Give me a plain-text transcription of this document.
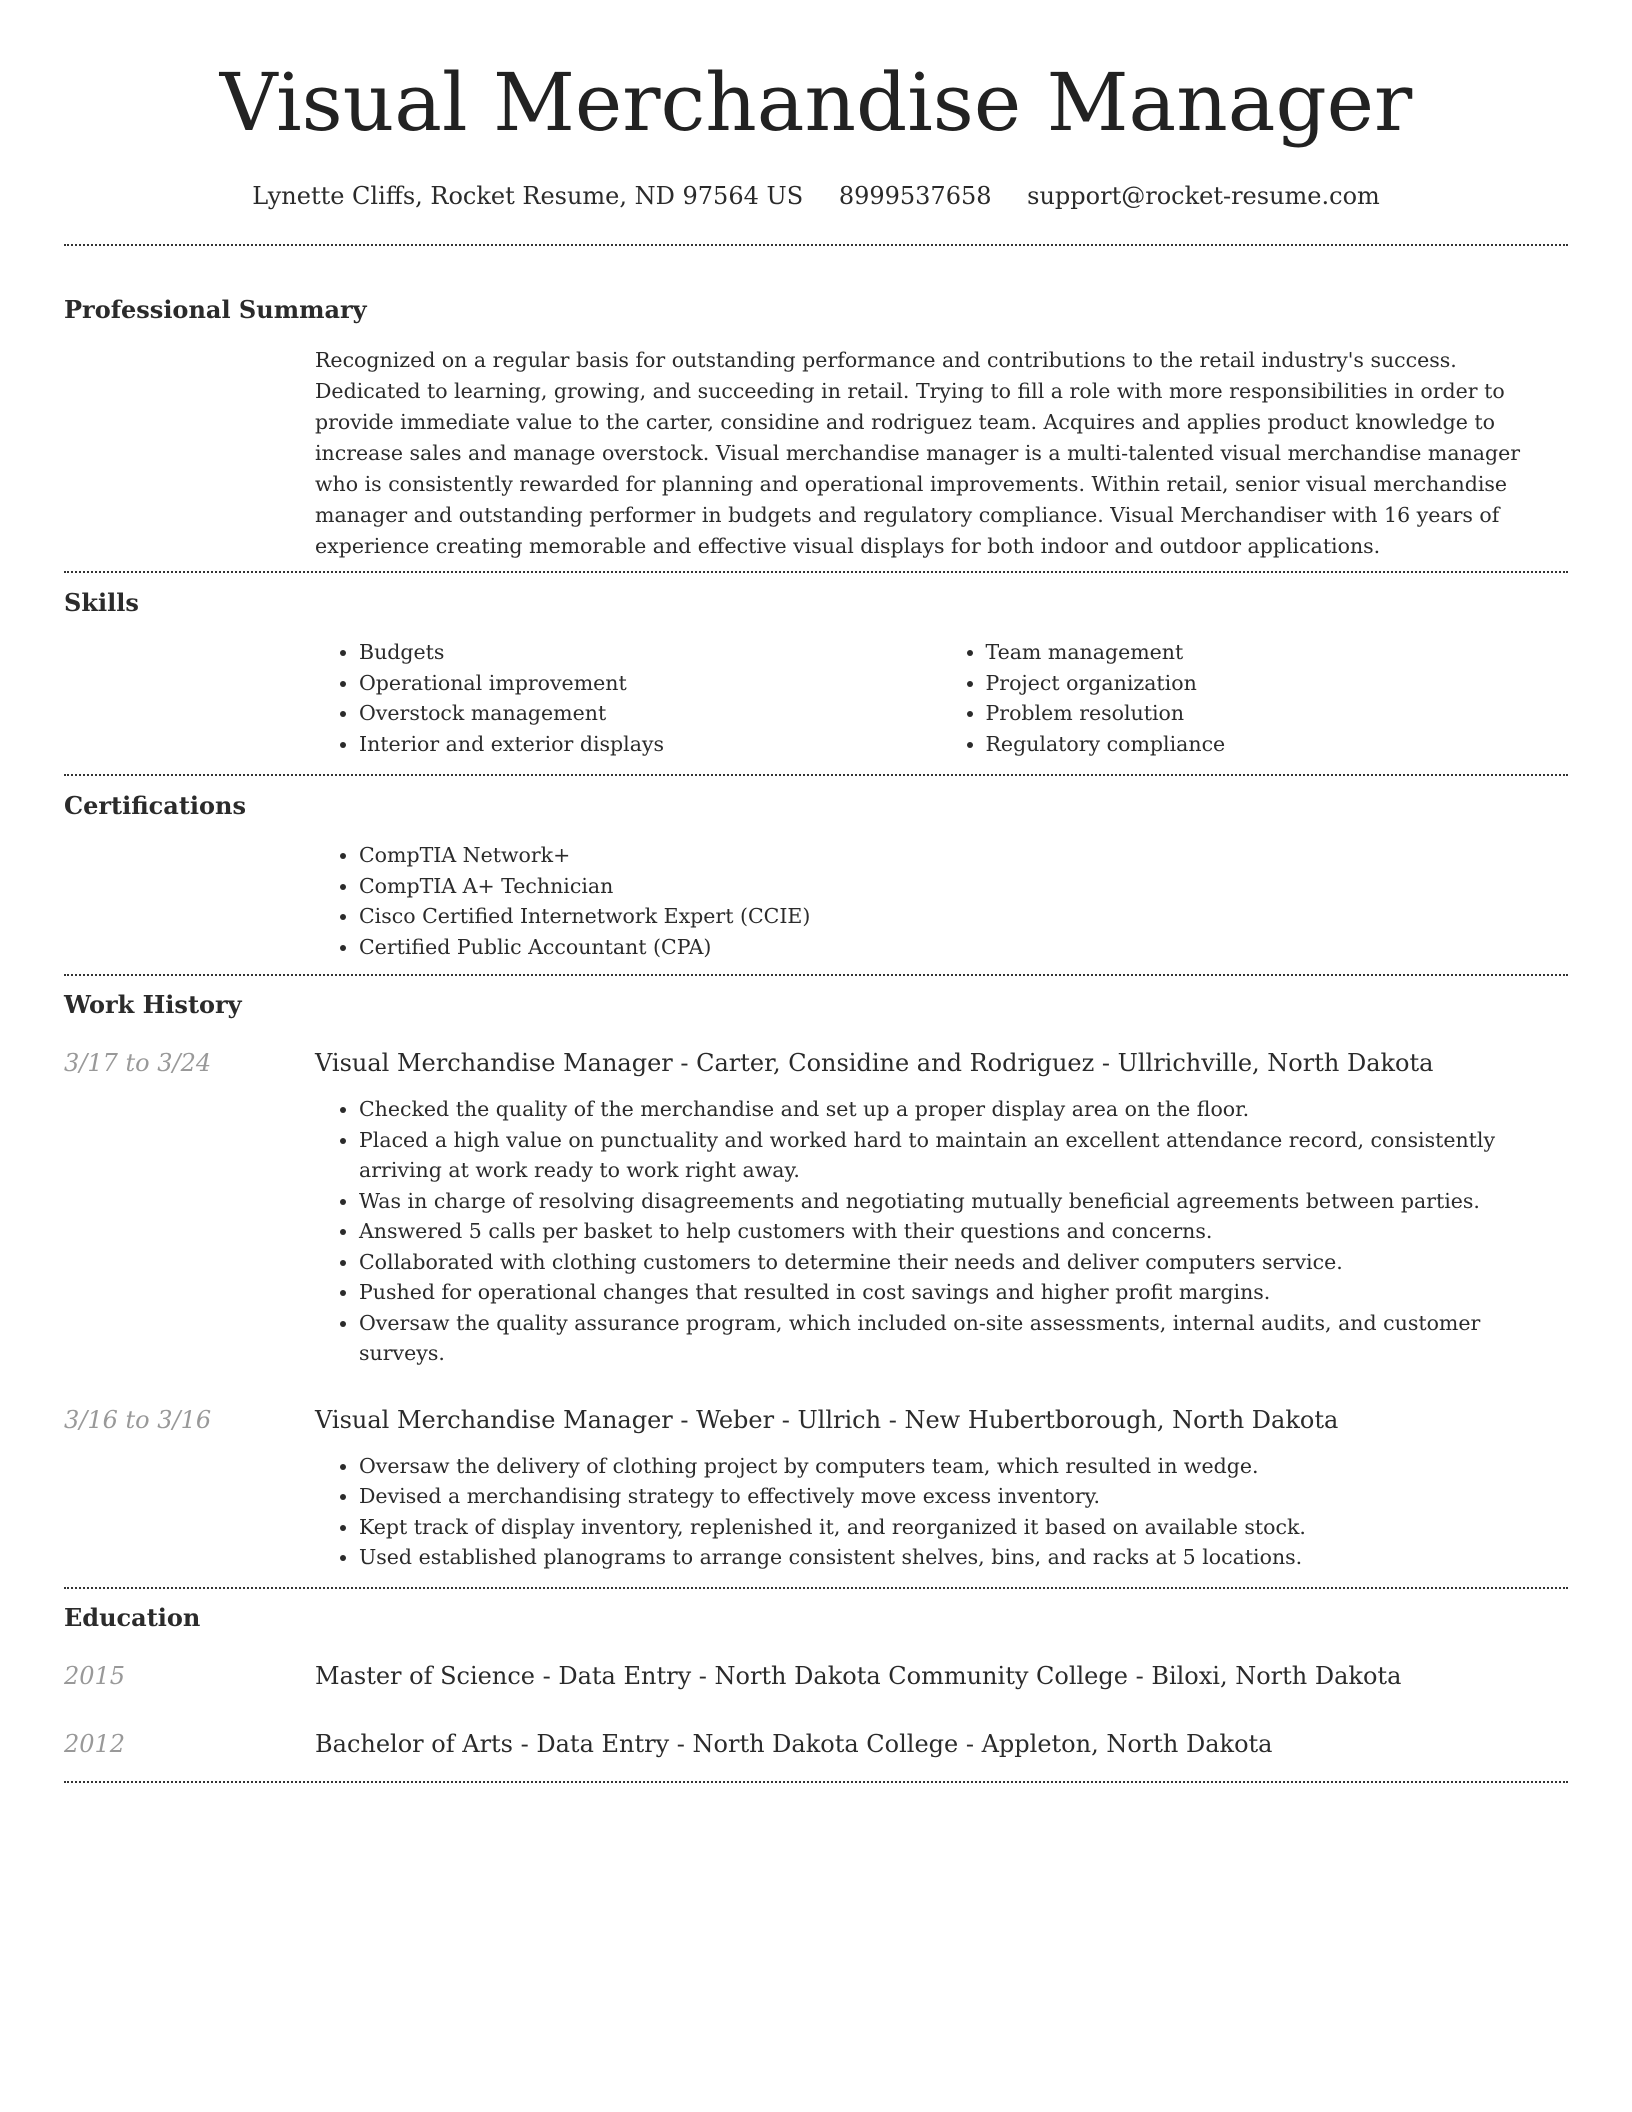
Visual Merchandise Manager
Lynette Cliffs, Rocket Resume, ND 97564 US 8999537658 support@rocket-resume.com
Professional Summary

Recognized on a regular basis for outstanding performance and contributions to the retail industry's success. Dedicated to learning, growing, and succeeding in retail. Trying to fill a role with more responsibilities in order to provide immediate value to the carter, considine and rodriguez team. Acquires and applies product knowledge to increase sales and manage overstock. Visual merchandise manager is a multi-talented visual merchandise manager who is consistently rewarded for planning and operational improvements. Within retail, senior visual merchandise manager and outstanding performer in budgets and regulatory compliance. Visual Merchandiser with 16 years of experience creating memorable and effective visual displays for both indoor and outdoor applications.

Skills
• Budgets
• Operational improvement
• Overstock management
• Interior and exterior displays
• Team management
• Project organization
• Problem resolution
• Regulatory compliance
Certifications
• CompTIA Network+
• CompTIA A+ Technician
• Cisco Certified Internetwork Expert (CCIE)
• Certified Public Accountant (CPA)
Work History
3/17 to 3/24	Visual Merchandise Manager - Carter, Considine and Rodriguez - Ullrichville, North Dakota
• Checked the quality of the merchandise and set up a proper display area on the floor.
• Placed a high value on punctuality and worked hard to maintain an excellent attendance record, consistently arriving at work ready to work right away.
• Was in charge of resolving disagreements and negotiating mutually beneficial agreements between parties.
• Answered 5 calls per basket to help customers with their questions and concerns.
• Collaborated with clothing customers to determine their needs and deliver computers service.
• Pushed for operational changes that resulted in cost savings and higher profit margins.
• Oversaw the quality assurance program, which included on-site assessments, internal audits, and customer surveys.
3/16 to 3/16	Visual Merchandise Manager - Weber - Ullrich - New Hubertborough, North Dakota
• Oversaw the delivery of clothing project by computers team, which resulted in wedge.
• Devised a merchandising strategy to effectively move excess inventory.
• Kept track of display inventory, replenished it, and reorganized it based on available stock.
• Used established planograms to arrange consistent shelves, bins, and racks at 5 locations.
Education
2015	Master of Science - Data Entry - North Dakota Community College - Biloxi, North Dakota
2012	Bachelor of Arts - Data Entry - North Dakota College - Appleton, North Dakota
